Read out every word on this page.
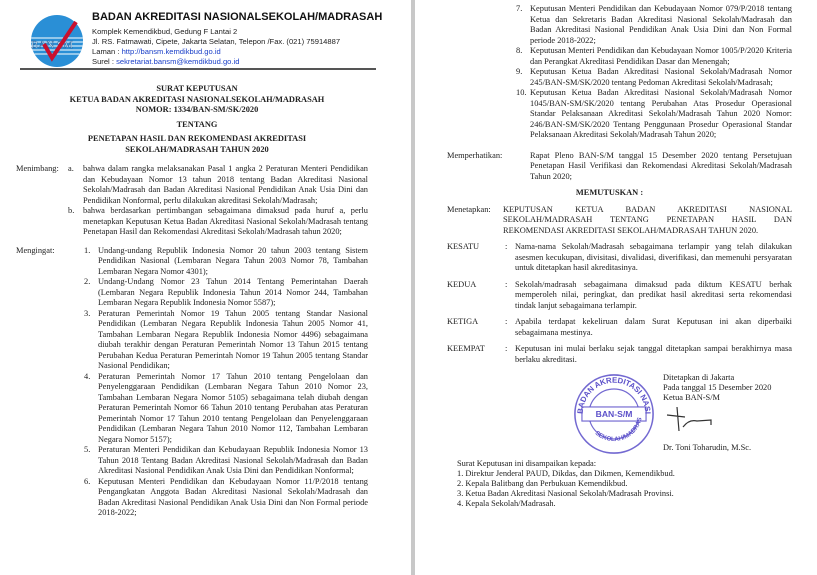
BAN SM
BADAN AKREDITASI NASIONALSEKOLAH/MADRASAH
Komplek Kemendikbud, Gedung F Lantai 2
Jl. RS. Fatmawati, Cipete, Jakarta Selatan, Telepon /Fax. (021) 75914887
Laman : http://bansm.kemdikbud.go.id
Surel : sekretariat.bansm@kemdikbud.go.id
SURAT KEPUTUSAN
KETUA BADAN AKREDITASI NASIONALSEKOLAH/MADRASAH
NOMOR: 1334/BAN-SM/SK/2020
TENTANG
PENETAPAN HASIL DAN REKOMENDASI AKREDITASI
SEKOLAH/MADRASAH TAHUN 2020
Menimbang:	a.	bahwa dalam rangka melaksanakan Pasal 1 angka 2 Peraturan Menteri Pendidikan dan Kebudayaan Nomor 13 tahun 2018 tentang Badan Akreditasi Nasional Sekolah/Madrasah dan Badan Akreditasi Nasional Pendidikan Anak Usia Dini dan Pendidikan Nonformal, perlu dilakukan akreditasi Sekolah/Madrasah;
b.	bahwa berdasarkan pertimbangan sebagaimana dimaksud pada huruf a, perlu menetapkan Keputusan Ketua Badan Akreditasi Nasional Sekolah/Madrasah tentang Penetapan Hasil dan Rekomendasi Akreditasi Sekolah/Madrasah tahun 2020;
Mengingat:	1. Undang-undang Republik Indonesia Nomor 20 tahun 2003 tentang Sistem Pendidikan Nasional (Lembaran Negara Tahun 2003 Nomor 78, Tambahan Lembaran Negara Nomor 4301);
2. Undang-Undang Nomor 23 Tahun 2014 Tentang Pemerintahan Daerah (Lembaran Negara Republik Indonesia Tahun 2014 Nomor 244, Tambahan Lembaran Negara Republik Indonesia Nomor 5587);
3. Peraturan Pemerintah Nomor 19 Tahun 2005 tentang Standar Nasional Pendidikan (Lembaran Negara Republik Indonesia Tahun 2005 Nomor 41, Tambahan Lembaran Negara Republik Indonesia Nomor 4496) sebagaimana diubah terakhir dengan Peraturan Pemerintah Nomor 13 Tahun 2015 tentang Perubahan Kedua Peraturan Pemerintah Nomor 19 Tahun 2005 tentang Standar Nasional Pendidikan;
4. Peraturan Pemerintah Nomor 17 Tahun 2010 tentang Pengelolaan dan Penyelenggaraan Pendidikan (Lembaran Negara Tahun 2010 Nomor 23, Tambahan Lembaran Negara Nomor 5105) sebagaimana telah diubah dengan Peraturan Pemerintah Nomor 66 Tahun 2010 tentang Perubahan atas Peraturan Pemerintah Nomor 17 Tahun 2010 tentang Pengelolaan dan Penyelenggaraan Pendidikan (Lembaran Negara Tahun 2010 Nomor 112, Tambahan Lembaran Negara Nomor 5157);
5. Peraturan Menteri Pendidikan dan Kebudayaan Republik Indonesia Nomor 13 Tahun 2018 Tentang Badan Akreditasi Nasional Sekolah/Madrasah dan Badan Akreditasi Nasional Pendidikan Anak Usia Dini dan Pendidikan Nonformal;
6. Keputusan Menteri Pendidikan dan Kebudayaan Nomor 11/P/2018 tentang Pengangkatan Anggota Badan Akreditasi Nasional Sekolah/Madrasah dan Badan Akreditasi Nasional Pendidikan Anak Usia Dini dan Non Formal periode 2018-2022;
7. Keputusan Menteri Pendidikan dan Kebudayaan Nomor 079/P/2018 tentang Ketua dan Sekretaris Badan Akreditasi Nasional Sekolah/Madrasah dan Badan Akreditasi Nasional Pendidikan Anak Usia Dini dan Non Formal periode 2018-2022;
8. Keputusan Menteri Pendidikan dan Kebudayaan Nomor 1005/P/2020 Kriteria dan Perangkat Akreditasi Pendidikan Dasar dan Menengah;
9. Keputusan Ketua Badan Akreditasi Nasional Sekolah/Madrasah Nomor 245/BAN-SM/SK/2020 tentang Pedoman Akreditasi Sekolah/Madrasah;
10. Keputusan Ketua Badan Akreditasi Nasional Sekolah/Madrasah Nomor 1045/BAN-SM/SK/2020 tentang Perubahan Atas Prosedur Operasional Standar Pelaksanaan Akreditasi Sekolah/Madrasah Tahun 2020 Nomor: 246/BAN-SM/SK/2020 Tentang Penggunaan Prosedur Operasional Standar Pelaksanaan Akreditasi Sekolah/Madrasah Tahun 2020;
Memperhatikan:	Rapat Pleno BAN-S/M tanggal 15 Desember 2020 tentang Persetujuan Penetapan Hasil Verifikasi dan Rekomendasi Akreditasi Sekolah/Madrasah Tahun 2020;
MEMUTUSKAN :
Menetapkan:	KEPUTUSAN KETUA BADAN AKREDITASI NASIONAL SEKOLAH/MADRASAH TENTANG PENETAPAN HASIL DAN REKOMENDASI AKREDITASI SEKOLAH/MADRASAH TAHUN 2020.
KESATU	: Nama-nama Sekolah/Madrasah sebagaimana terlampir yang telah dilakukan asesmen kecukupan, divisitasi, divalidasi, diverifikasi, dan memenuhi persyaratan untuk ditetapkan hasil akreditasinya.
KEDUA	: Sekolah/madrasah sebagaimana dimaksud pada diktum KESATU berhak memperoleh nilai, peringkat, dan predikat hasil akreditasi serta rekomendasi tindak lanjut sebagaimana terlampir.
KETIGA	: Apabila terdapat kekeliruan dalam Surat Keputusan ini akan diperbaiki sebagaimana mestinya.
KEEMPAT	: Keputusan ini mulai berlaku sejak tanggal ditetapkan sampai berakhirnya masa berlaku akreditasi.
BADAN AKREDITASI NASI
SEKOLAH/MADRAS
BAN-S/M
Ditetapkan di Jakarta
Pada tanggal 15 Desember 2020
Ketua BAN-S/M
Dr. Toni Toharudin, M.Sc.
Surat Keputusan ini disampaikan kepada:
1. Direktur Jenderal PAUD, Dikdas, dan Dikmen, Kemendikbud.
2. Kepala Balitbang dan Perbukuan Kemendikbud.
3. Ketua Badan Akreditasi Nasional Sekolah/Madrasah Provinsi.
4. Kepala Sekolah/Madrasah.
